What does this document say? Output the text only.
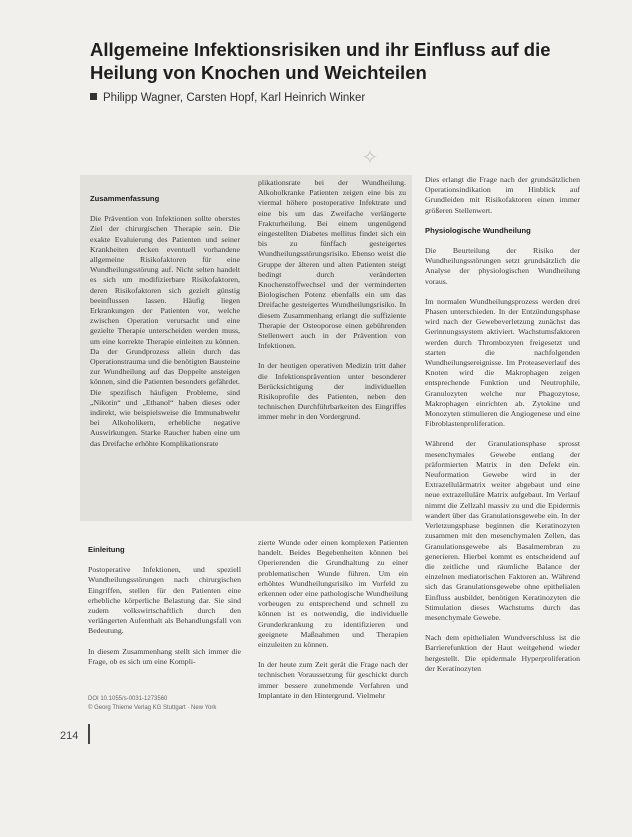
Allgemeine Infektionsrisiken und ihr Einfluss auf die Heilung von Knochen und Weichteilen
Philipp Wagner, Carsten Hopf, Karl Heinrich Winker
✧
Zusammenfassung

Die Prävention von Infektionen sollte oberstes Ziel der chirurgischen Therapie sein. Die exakte Evaluierung des Patienten und seiner Krankheiten decken eventuell vorhandene allgemeine Risikofaktoren für eine Wundheilungsstörung auf. Nicht selten handelt es sich um modifizierbare Risikofaktoren, deren Risikofaktoren sich gezielt günstig beeinflussen lassen. Häufig liegen Erkrankungen der Patienten vor, welche zwischen Operation verursacht und eine gezielte Therapie unterscheiden werden muss, um eine korrekte Therapie einleiten zu können. Da der Grundprozess allein durch das Operationstrauma und die benötigten Bausteine zur Wundheilung auf das Doppelte ansteigen können, sind die Patienten besonders gefährdet. Die spezifisch häufigen Probleme, sind „Nikotin“ und „Ethanol“ haben dieses oder indirekt, wie beispielsweise die Immunabwehr bei Alkoholikern, erhebliche negative Auswirkungen. Starke Raucher haben eine um das Dreifache erhöhte Komplikationsrate

plikationsrate bei der Wundheilung. Alkoholkranke Patienten zeigen eine bis zu viermal höhere postoperative Infektrate und eine bis um das Zweifache verlängerte Frakturheilung. Bei einem ungenügend eingestellten Diabetes mellitus findet sich ein bis zu fünffach gesteigertes Wundheilungsstörungsrisiko. Ebenso weist die Gruppe der älteren und alten Patienten steigt bedingt durch veränderten Knochenstoffwechsel und der verminderten Biologischen Potenz ebenfalls ein um das Dreifache gesteigertes Wundheilungsrisiko. In diesem Zusammenhang erlangt die suffiziente Therapie der Osteoporose einen gebührenden Stellenwert auch in der Prävention von Infektionen.

In der heutigen operativen Medizin tritt daher die Infektionsprävention unter besonderer Berücksichtigung der individuellen Risikoprofile des Patienten, neben den technischen Durchführbarkeiten des Eingriffes immer mehr in den Vordergrund.

Dies erlangt die Frage nach der grundsätzlichen Operationsindikation im Hinblick auf Grundleiden mit Risikofaktoren einen immer größeren Stellenwert.

Physiologische Wundheilung

Die Beurteilung der Risiko der Wundheilungsstörungen setzt grundsätzlich die Analyse der physiologischen Wundheilung voraus.

Im normalen Wundheilungsprozess werden drei Phasen unterschieden. In der Entzündungsphase wird nach der Gewebeverletzung zunächst das Gerinnungssystem aktiviert. Wachstumsfaktoren werden durch Thrombozyten freigesetzt und starten die nachfolgenden Wundheilungsereignisse. Im Proteaseverlauf des Knoten wird die Makrophagen zeigen entsprechende Funktion und Neutrophile, Granulozyten welche nur Phagozytose, Makrophagen einrichten ab. Zytokine und Monozyten stimulieren die Angiogenese und eine Fibroblastenproliferation.

Während der Granulationsphase sprosst mesenchymales Gewebe entlang der präformierten Matrix in den Defekt ein. Neuformation Gewebe wird in der Extrazellulärmatrix weiter abgebaut und eine neue extrazelluläre Matrix aufgebaut. Im Verlauf nimmt die Zellzahl massiv zu und die Epidermis wandert über das Granulationsgewebe ein. In der Verletzungsphase beginnen die Keratinozyten zusammen mit den mesenchymalen Zellen, das Granulationsgewebe als Basalmembran zu generieren. Hierbei kommt es entscheidend auf die zeitliche und räumliche Balance der einzelnen mediatorischen Faktoren an. Während sich das Granulationsgewebe ohne epithelialen Einfluss ausbildet, benötigen Keratinozyten die Stimulation dieses Wachstums durch das mesenchymale Gewebe.

Nach dem epithelialen Wundverschluss ist die Barrierefunktion der Haut weitgehend wieder hergestellt. Die epidermale Hyperproliferation der Keratinozyten

Einleitung

Postoperative Infektionen, und speziell Wundheilungsstörungen nach chirurgischen Eingriffen, stellen für den Patienten eine erhebliche körperliche Belastung dar. Sie sind zudem volkswirtschaftlich durch den verlängerten Aufenthalt als Behandlungsfall von Bedeutung.

In diesem Zusammenhang stellt sich immer die Frage, ob es sich um eine Kompli-

zierte Wunde oder einen komplexen Patienten handelt. Beides Begebenheiten können bei Operierenden die Grundhaltung zu einer problematischen Wunde führen. Um ein erhöhtes Wundheilungsrisiko im Vorfeld zu erkennen oder eine pathologische Wundheilung vorbeugen zu entsprechend und schnell zu können ist es notwendig, die individuelle Grunderkrankung zu identifizieren und geeignete Maßnahmen und Therapien einzuleiten zu können.

In der heute zum Zeit gerät die Frage nach der technischen Voraussetzung für geschickt durch immer bessere zunehmende Verfahren und Implantate in den Hintergrund. Vielmehr

DOI 10.1055/s-0031-1273560
© Georg Thieme Verlag KG Stuttgart · New York
214
